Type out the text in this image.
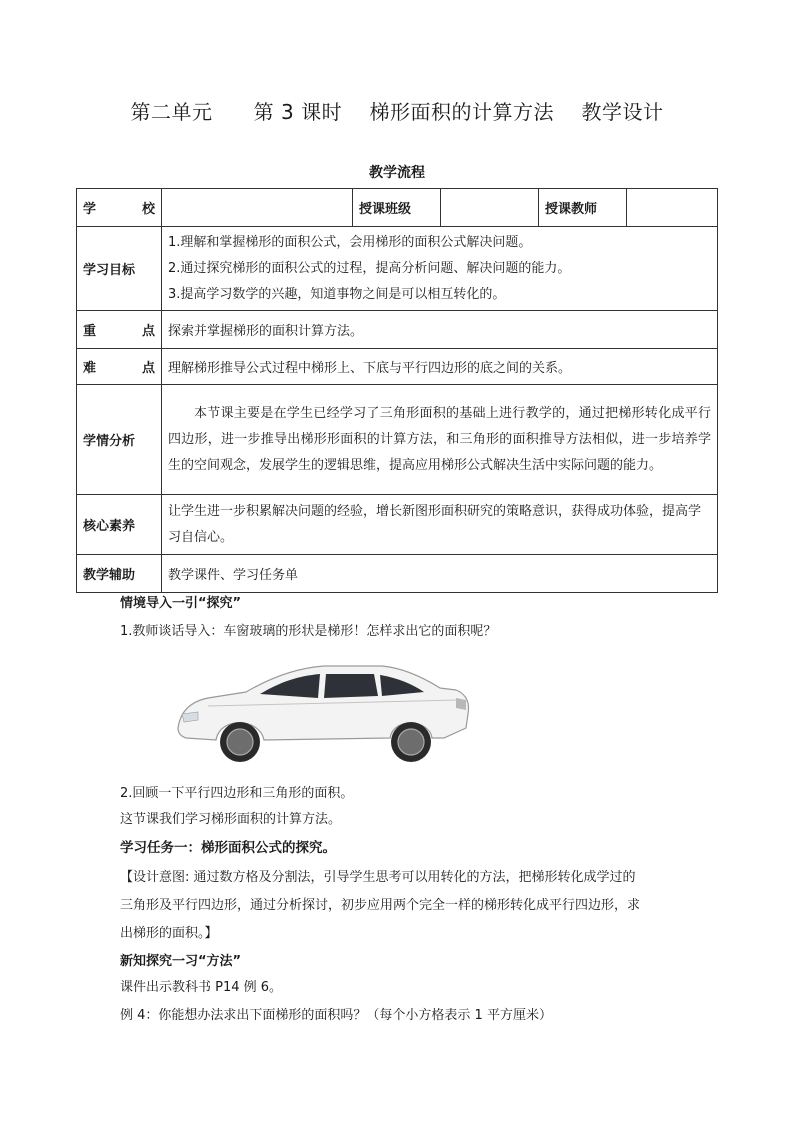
第二单元      第 3 课时    梯形面积的计算方法    教学设计
教学流程
学 校		授课班级		授课教师	
学习目标	1.理解和掌握梯形的面积公式，会用梯形的面积公式解决问题。

2.通过探究梯形的面积公式的过程，提高分析问题、解决问题的能力。

3.提高学习数学的兴趣，知道事物之间是可以相互转化的。				

重 点	探索并掌握梯形的面积计算方法。				
难 点	理解梯形推导公式过程中梯形上、下底与平行四边形的底之间的关系。				
学情分析	本节课主要是在学生已经学习了三角形面积的基础上进行教学的，通过把梯形转化成平行四边形，进一步推导出梯形形面积的计算方法，和三角形的面积推导方法相似，进一步培养学生的空间观念，发展学生的逻辑思维，提高应用梯形公式解决生活中实际问题的能力。				

核心素养	让学生进一步积累解决问题的经验，增长新图形面积研究的策略意识，获得成功体验，提高学习自信心。				

教学辅助	教学课件、学习任务单				
情境导入一引“探究”
1.教师谈话导入：车窗玻璃的形状是梯形！怎样求出它的面积呢？
2.回顾一下平行四边形和三角形的面积。
这节课我们学习梯形面积的计算方法。
学习任务一：梯形面积公式的探究。
【设计意图: 通过数方格及分割法，引导学生思考可以用转化的方法，把梯形转化成学过的
三角形及平行四边形，通过分析探讨，初步应用两个完全一样的梯形转化成平行四边形，求
出梯形的面积。】
新知探究一习“方法”
课件出示教科书 P14 例 6。
例 4：你能想办法求出下面梯形的面积吗？（每个小方格表示 1 平方厘米）
